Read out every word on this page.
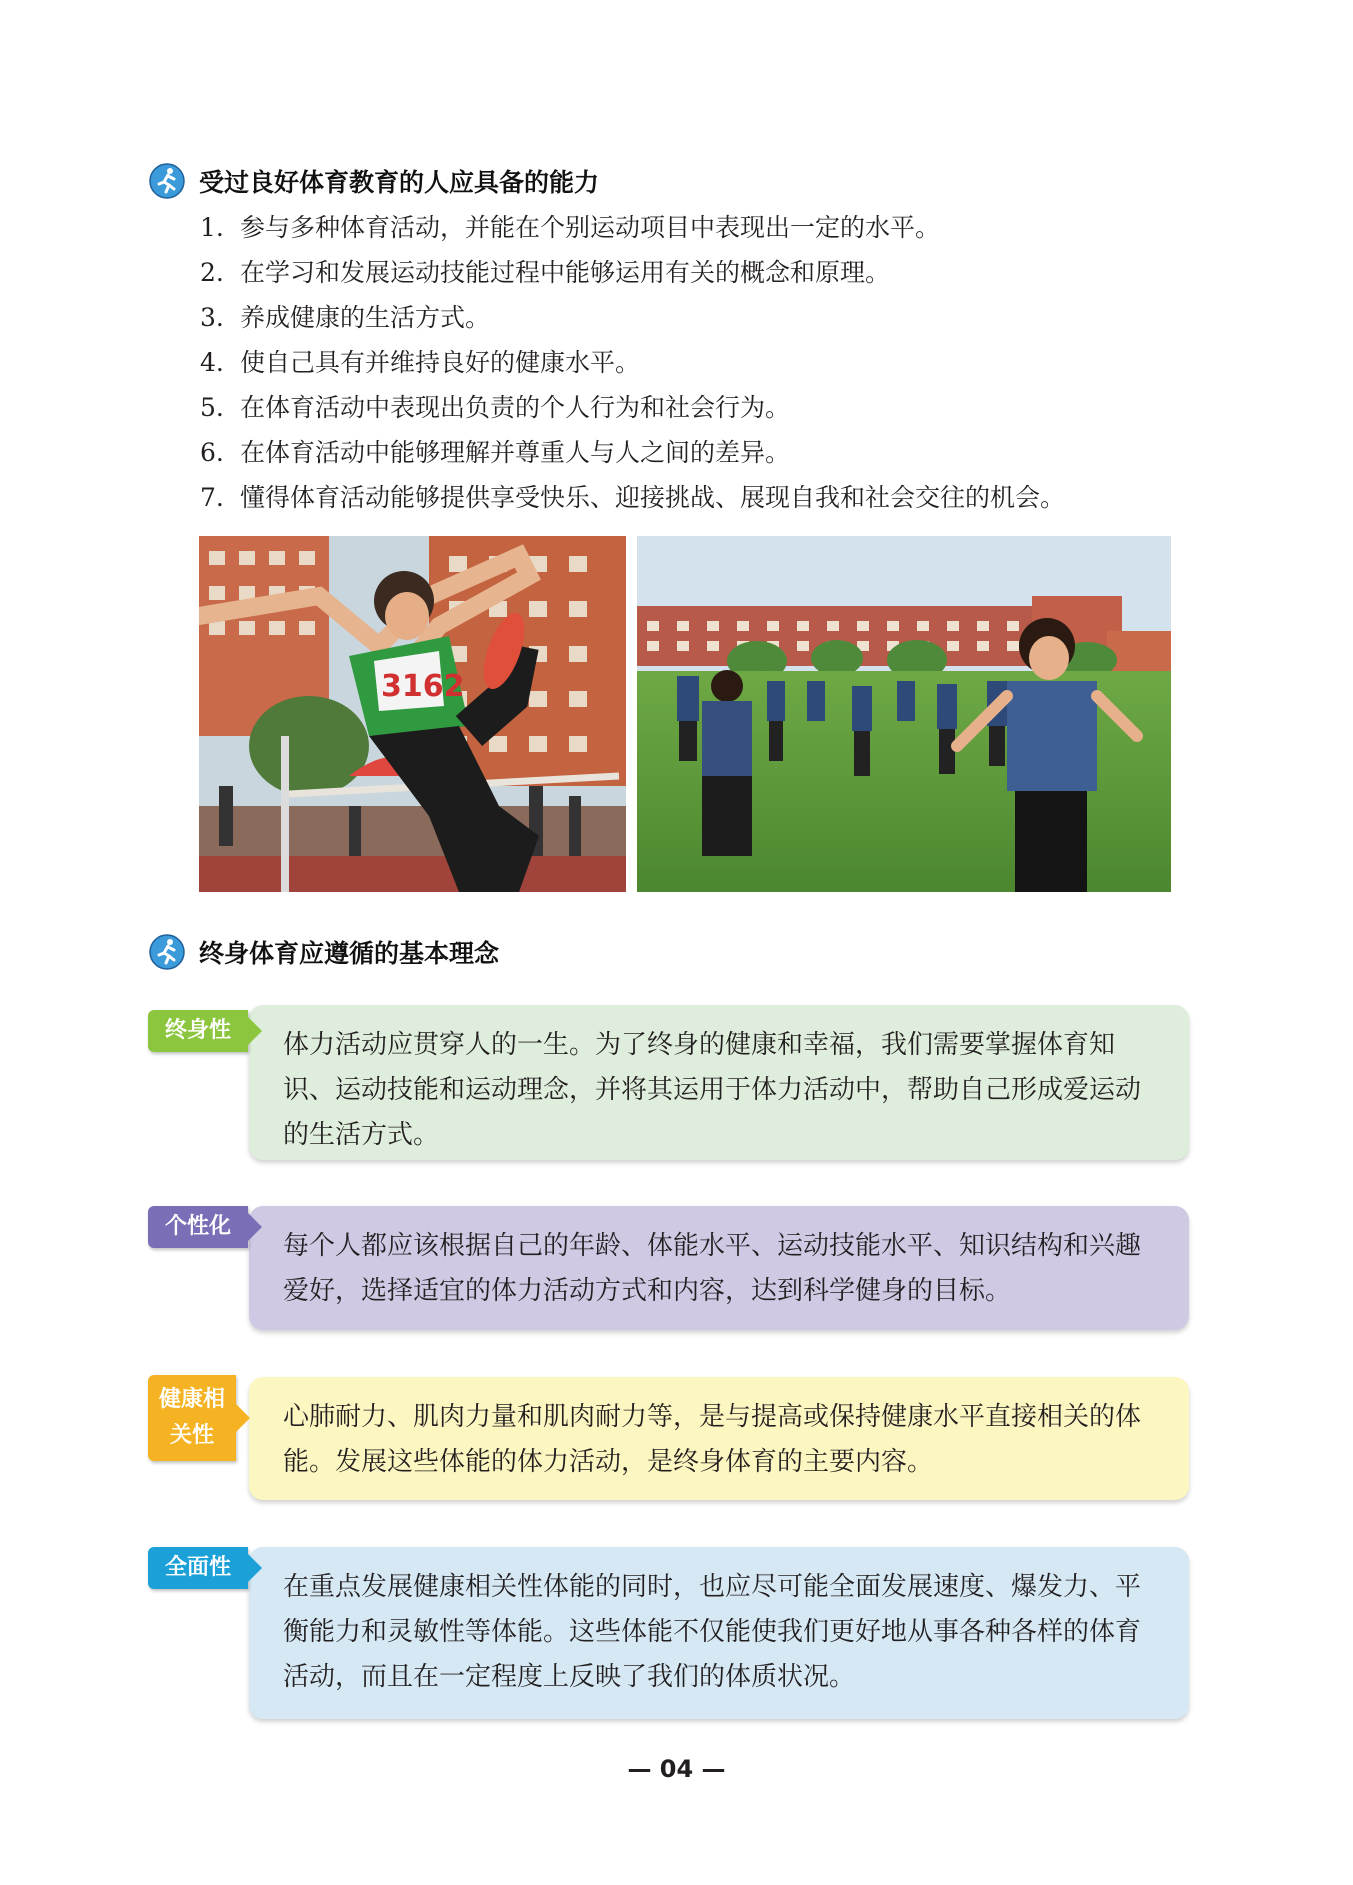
受过良好体育教育的人应具备的能力
1. 参与多种体育活动，并能在个别运动项目中表现出一定的水平。
2. 在学习和发展运动技能过程中能够运用有关的概念和原理。
3. 养成健康的生活方式。
4. 使自己具有并维持良好的健康水平。
5. 在体育活动中表现出负责的个人行为和社会行为。
6. 在体育活动中能够理解并尊重人与人之间的差异。
7. 懂得体育活动能够提供享受快乐、迎接挑战、展现自我和社会交往的机会。
3162
终身体育应遵循的基本理念
体力活动应贯穿人的一生。为了终身的健康和幸福，我们需要掌握体育知识、运动技能和运动理念，并将其运用于体力活动中，帮助自己形成爱运动的生活方式。
终身性
每个人都应该根据自己的年龄、体能水平、运动技能水平、知识结构和兴趣爱好，选择适宜的体力活动方式和内容，达到科学健身的目标。
个性化
心肺耐力、肌肉力量和肌肉耐力等，是与提高或保持健康水平直接相关的体能。发展这些体能的体力活动，是终身体育的主要内容。
健康相
关性
在重点发展健康相关性体能的同时，也应尽可能全面发展速度、爆发力、平衡能力和灵敏性等体能。这些体能不仅能使我们更好地从事各种各样的体育活动，而且在一定程度上反映了我们的体质状况。
全面性
— 04 —
